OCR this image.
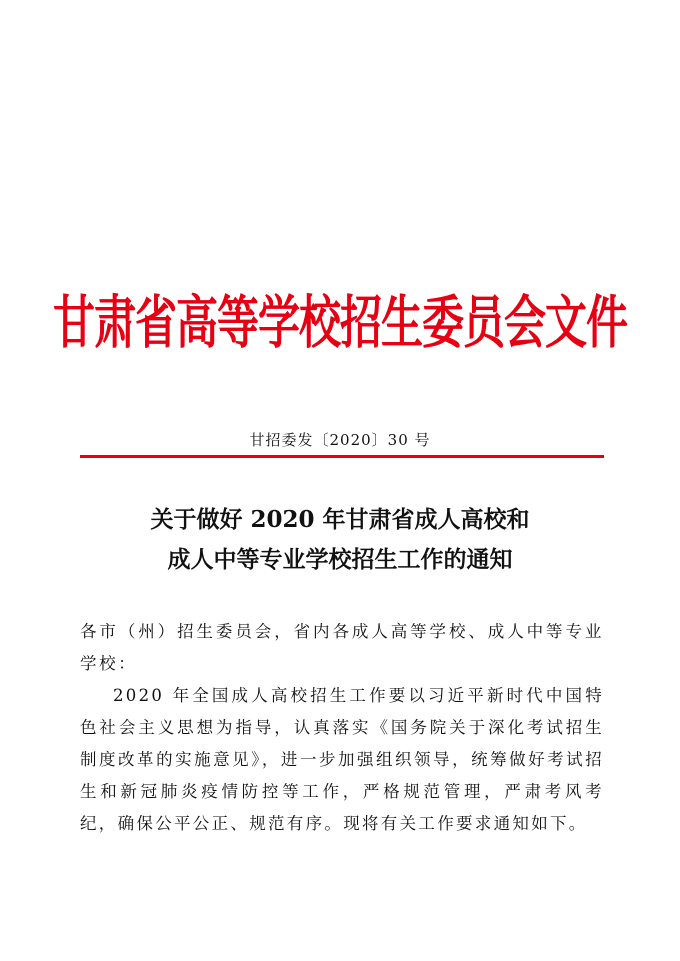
甘肃省高等学校招生委员会文件
甘招委发〔2020〕30 号
关于做好 2020 年甘肃省成人高校和
成人中等专业学校招生工作的通知
各市（州）招生委员会，省内各成人高等学校、成人中等专业学校：
2020 年全国成人高校招生工作要以习近平新时代中国特色社会主义思想为指导，认真落实《国务院关于深化考试招生制度改革的实施意见》，进一步加强组织领导，统筹做好考试招生和新冠肺炎疫情防控等工作，严格规范管理，严肃考风考纪，确保公平公正、规范有序。现将有关工作要求通知如下。
